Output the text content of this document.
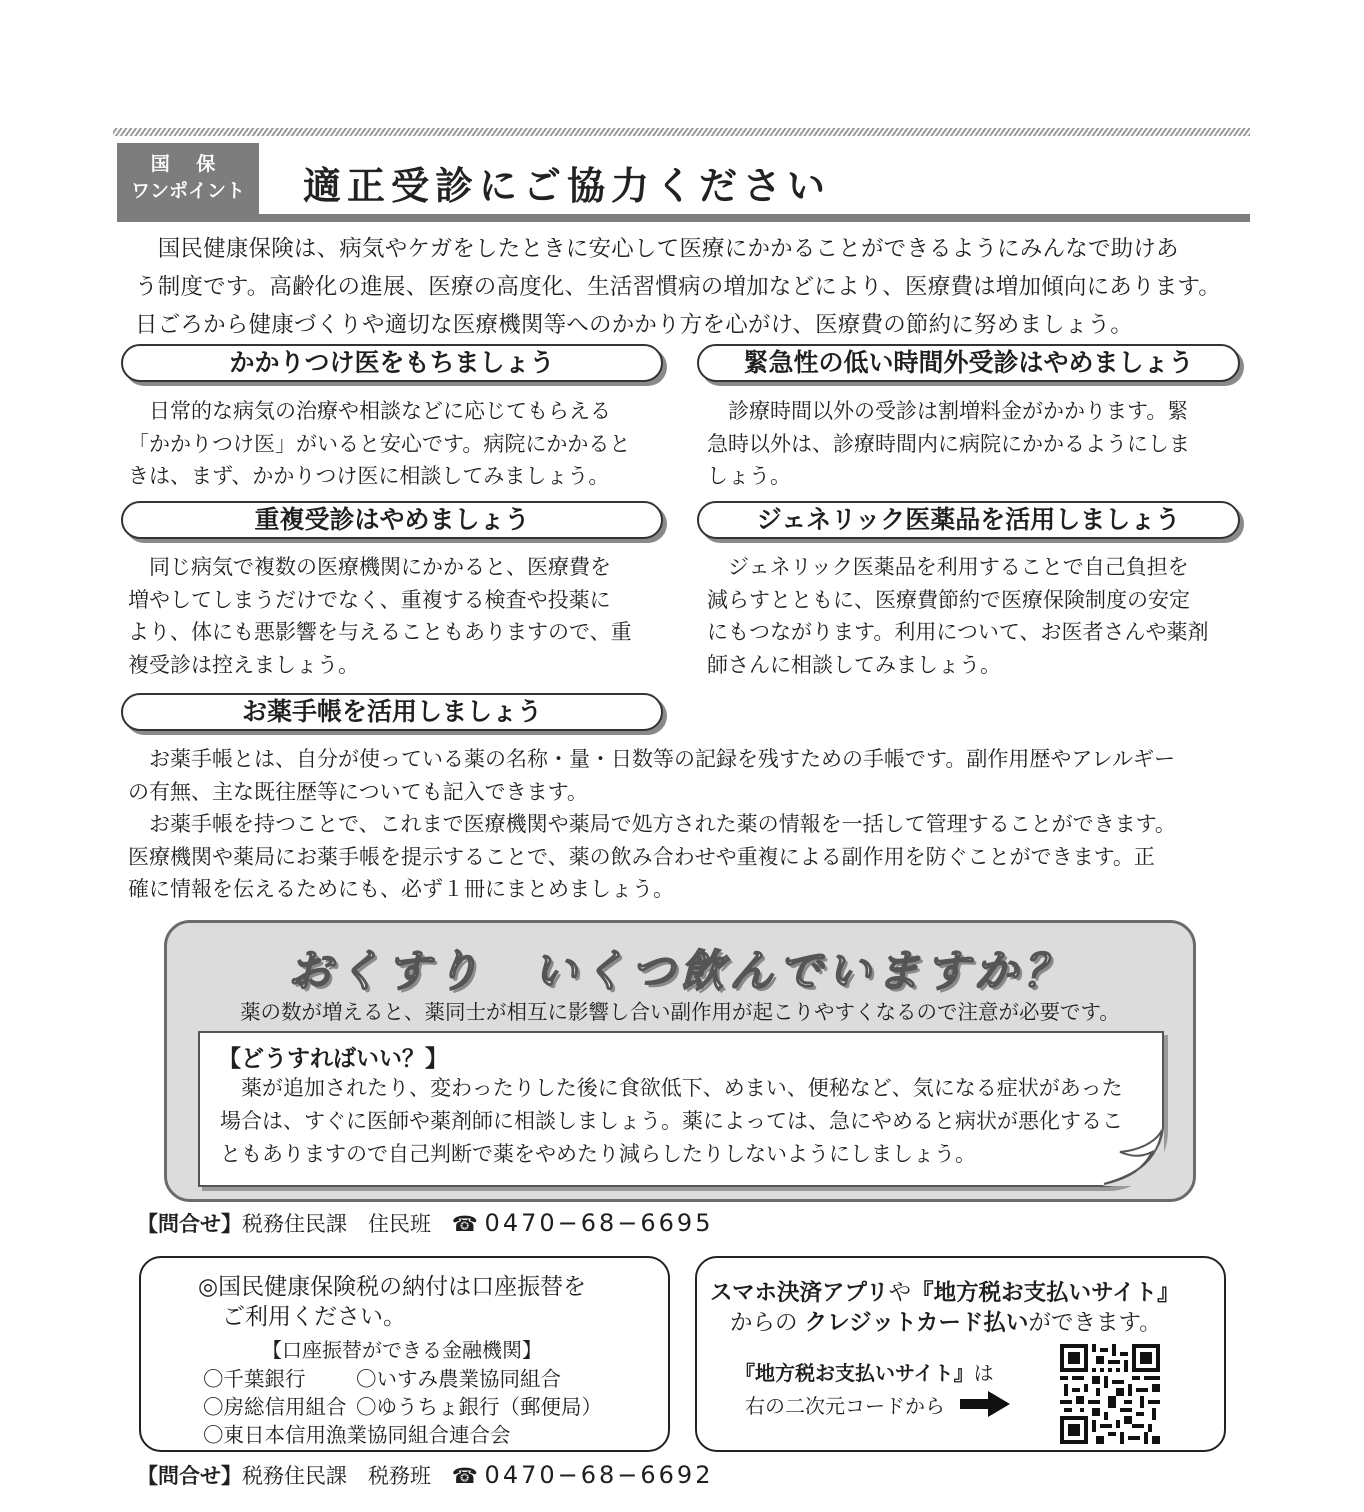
国 保
ワンポイント	適正受診にご協力ください
　国民健康保険は、病気やケガをしたときに安心して医療にかかることができるようにみんなで助けあ
う制度です。高齢化の進展、医療の高度化、生活習慣病の増加などにより、医療費は増加傾向にあります。
日ごろから健康づくりや適切な医療機関等へのかかり方を心がけ、医療費の節約に努めましょう。
かかりつけ医をもちましょう
　日常的な病気の治療や相談などに応じてもらえる
「かかりつけ医」がいると安心です。病院にかかると
きは、まず、かかりつけ医に相談してみましょう。
緊急性の低い時間外受診はやめましょう
　診療時間以外の受診は割増料金がかかります。緊
急時以外は、診療時間内に病院にかかるようにしま
しょう。
重複受診はやめましょう
　同じ病気で複数の医療機関にかかると、医療費を
増やしてしまうだけでなく、重複する検査や投薬に
より、体にも悪影響を与えることもありますので、重
複受診は控えましょう。
ジェネリック医薬品を活用しましょう
　ジェネリック医薬品を利用することで自己負担を
減らすとともに、医療費節約で医療保険制度の安定
にもつながります。利用について、お医者さんや薬剤
師さんに相談してみましょう。
お薬手帳を活用しましょう
　お薬手帳とは、自分が使っている薬の名称・量・日数等の記録を残すための手帳です。副作用歴やアレルギー
の有無、主な既往歴等についても記入できます。
　お薬手帳を持つことで、これまで医療機関や薬局で処方された薬の情報を一括して管理することができます。
医療機関や薬局にお薬手帳を提示することで、薬の飲み合わせや重複による副作用を防ぐことができます。正
確に情報を伝えるためにも、必ず１冊にまとめましょう。
おくすり　いくつ飲んでいますか？
薬の数が増えると、薬同士が相互に影響し合い副作用が起こりやすくなるので注意が必要です。
【どうすればいい？】
　薬が追加されたり、変わったりした後に食欲低下、めまい、便秘など、気になる症状があった
場合は、すぐに医師や薬剤師に相談しましょう。薬によっては、急にやめると病状が悪化するこ
ともありますので自己判断で薬をやめたり減らしたりしないようにしましょう。
【問合せ】税務住民課　住民班 ☎ 0470−68−6695
◎国民健康保険税の納付は口座振替を
ご利用ください。
【口座振替ができる金融機関】
〇千葉銀行 〇いすみ農業協同組合
〇房総信用組合 〇ゆうちょ銀行（郵便局）
〇東日本信用漁業協同組合連合会
スマホ決済アプリや『地方税お支払いサイト』
からの クレジットカード払いができます。
『地方税お支払いサイト』は
右の二次元コードから
【問合せ】税務住民課　税務班 ☎ 0470−68−6692
